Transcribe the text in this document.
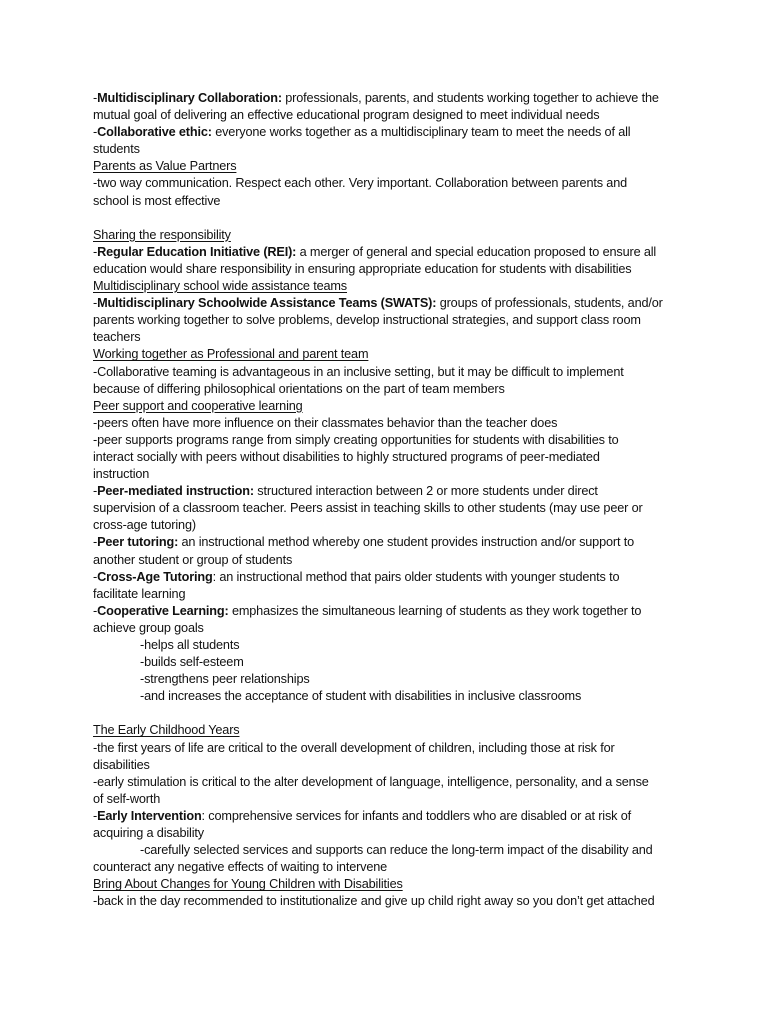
-Multidisciplinary Collaboration: professionals, parents, and students working together to achieve the
mutual goal of delivering an effective educational program designed to meet individual needs
-Collaborative ethic: everyone works together as a multidisciplinary team to meet the needs of all
students
Parents as Value Partners
-two way communication. Respect each other. Very important. Collaboration between parents and
school is most effective
Sharing the responsibility
-Regular Education Initiative (REI): a merger of general and special education proposed to ensure all
education would share responsibility in ensuring appropriate education for students with disabilities
Multidisciplinary school wide assistance teams
-Multidisciplinary Schoolwide Assistance Teams (SWATS): groups of professionals, students, and/or
parents working together to solve problems, develop instructional strategies, and support class room
teachers
Working together as Professional and parent team
-Collaborative teaming is advantageous in an inclusive setting, but it may be difficult to implement
because of differing philosophical orientations on the part of team members
Peer support and cooperative learning
-peers often have more influence on their classmates behavior than the teacher does
-peer supports programs range from simply creating opportunities for students with disabilities to
interact socially with peers without disabilities to highly structured programs of peer-mediated
instruction
-Peer-mediated instruction: structured interaction between 2 or more students under direct
supervision of a classroom teacher. Peers assist in teaching skills to other students (may use peer or
cross-age tutoring)
-Peer tutoring: an instructional method whereby one student provides instruction and/or support to
another student or group of students
-Cross-Age Tutoring: an instructional method that pairs older students with younger students to
facilitate learning
-Cooperative Learning: emphasizes the simultaneous learning of students as they work together to
achieve group goals
-helps all students
-builds self-esteem
-strengthens peer relationships
-and increases the acceptance of student with disabilities in inclusive classrooms
The Early Childhood Years
-the first years of life are critical to the overall development of children, including those at risk for
disabilities
-early stimulation is critical to the alter development of language, intelligence, personality, and a sense
of self-worth
-Early Intervention: comprehensive services for infants and toddlers who are disabled or at risk of
acquiring a disability
-carefully selected services and supports can reduce the long-term impact of the disability and
counteract any negative effects of waiting to intervene
Bring About Changes for Young Children with Disabilities
-back in the day recommended to institutionalize and give up child right away so you don’t get attached
